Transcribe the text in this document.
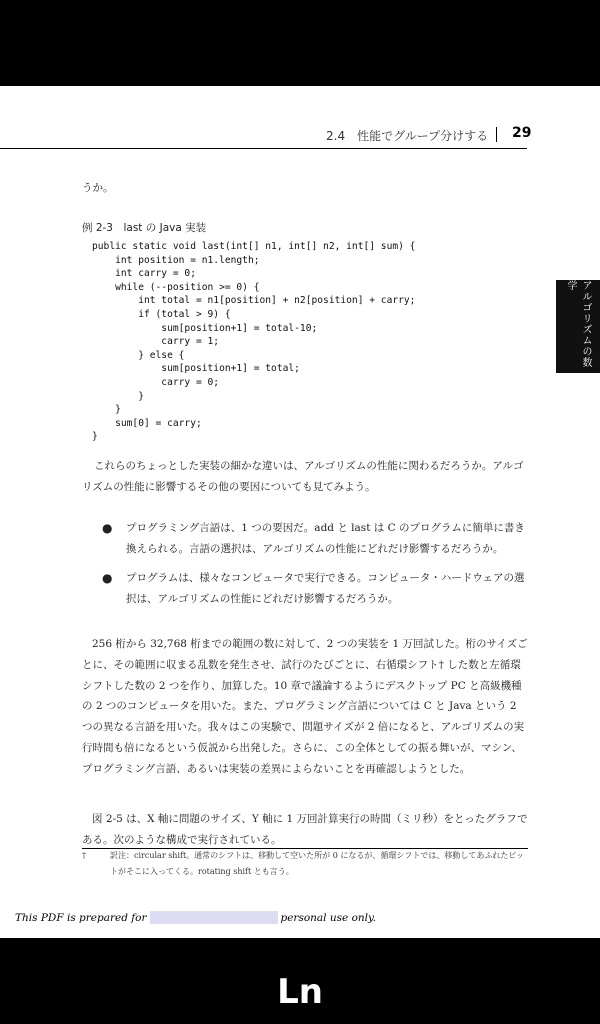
2.4　性能でグループ分けする 29
アルゴリズムの数学
うか。
例 2-3　last の Java 実装
public static void last(int[] n1, int[] n2, int[] sum) {
int position = n1.length;
int carry = 0;
while (--position >= 0) {
int total = n1[position] + n2[position] + carry;
if (total > 9) {
sum[position+1] = total-10;
carry = 1;
} else {
sum[position+1] = total;
carry = 0;
}
}
sum[0] = carry;
}
これらのちょっとした実装の細かな違いは、アルゴリズムの性能に関わるだろうか。アルゴリズムの性能に影響するその他の要因についても見てみよう。
● プログラミング言語は、1 つの要因だ。add と last は C のプログラムに簡単に書き換えられる。言語の選択は、アルゴリズムの性能にどれだけ影響するだろうか。
● プログラムは、様々なコンピュータで実行できる。コンピュータ・ハードウェアの選択は、アルゴリズムの性能にどれだけ影響するだろうか。
256 桁から 32,768 桁までの範囲の数に対して、2 つの実装を 1 万回試した。桁のサイズごとに、その範囲に収まる乱数を発生させ、試行のたびごとに、右循環シフト† した数と左循環シフトした数の 2 つを作り、加算した。10 章で議論するようにデスクトップ PC と高級機種の 2 つのコンピュータを用いた。また、プログラミング言語については C と Java という 2 つの異なる言語を用いた。我々はこの実験で、問題サイズが 2 倍になると、アルゴリズムの実行時間も倍になるという仮説から出発した。さらに、この全体としての振る舞いが、マシン、プログラミング言語、あるいは実装の差異によらないことを再確認しようとした。
図 2-5 は、X 軸に問題のサイズ、Y 軸に 1 万回計算実行の時間（ミリ秒）をとったグラフである。次のような構成で実行されている。
†	訳注：circular shift。通常のシフトは、移動して空いた所が 0 になるが、循環シフトでは、移動してあふれたビットがそこに入ってくる。rotating shift とも言う。
This PDF is prepared for	personal use only.
Ln
